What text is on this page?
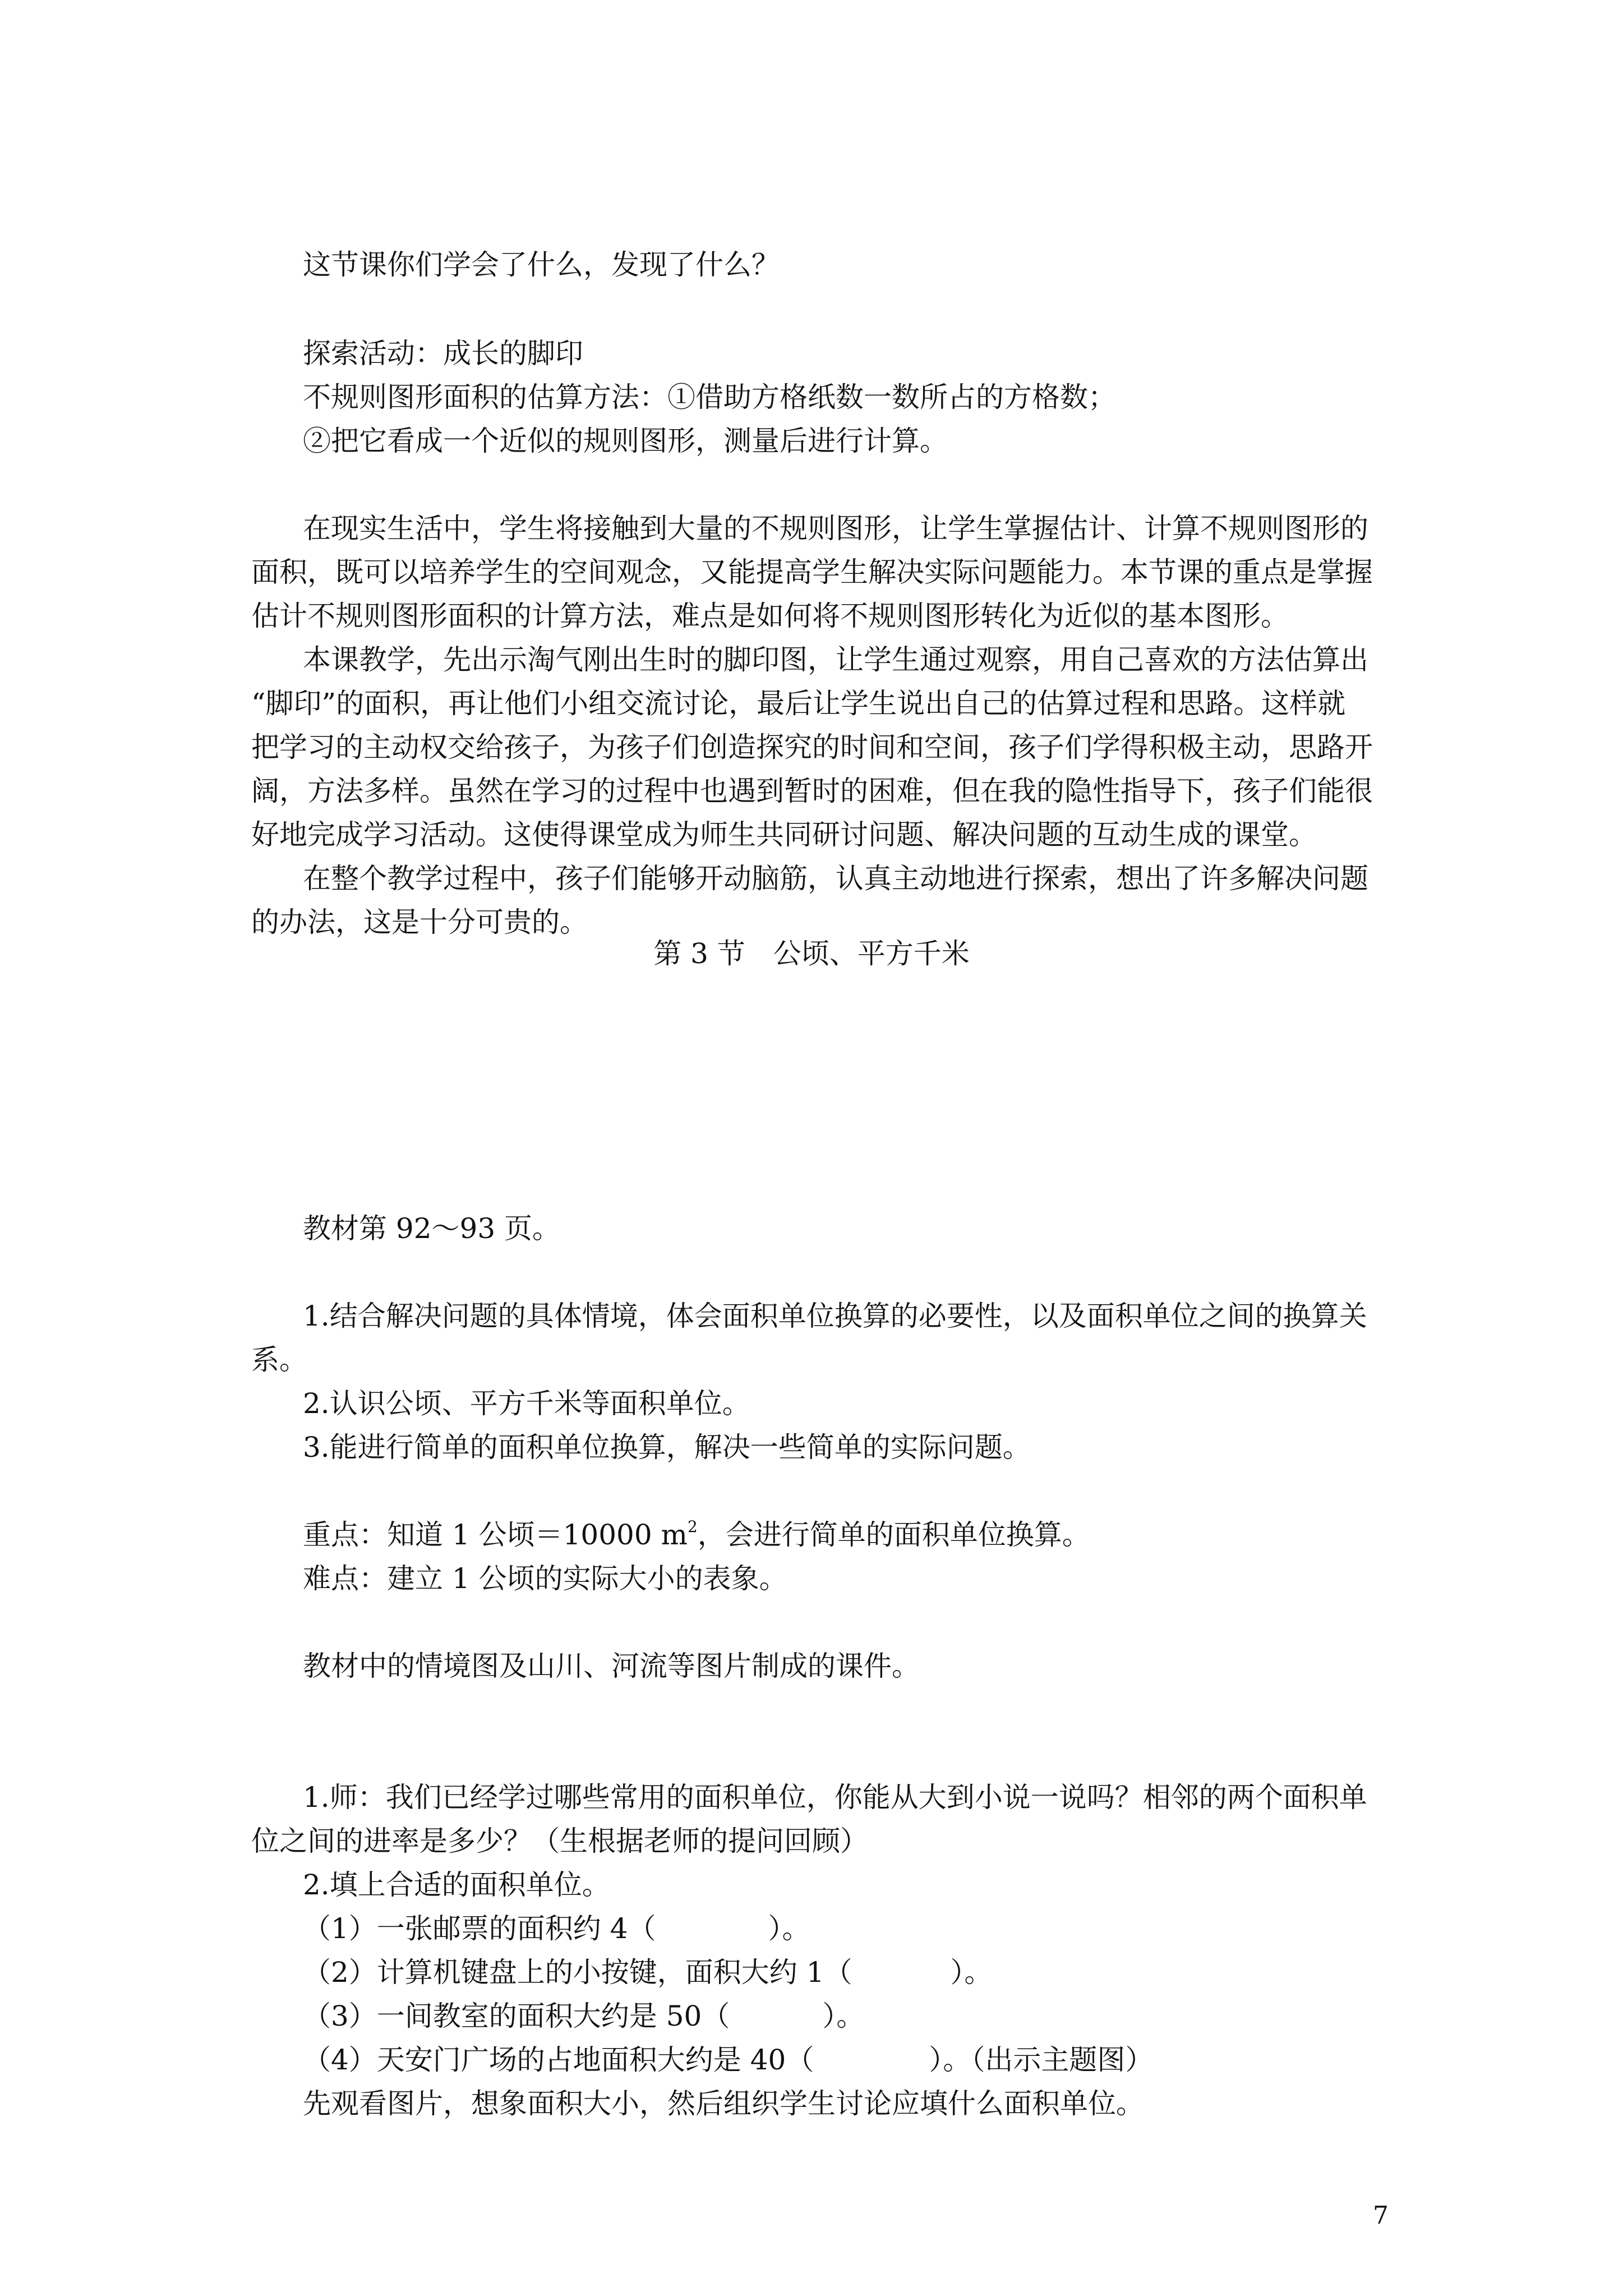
这节课你们学会了什么，发现了什么？

探索活动：成长的脚印

不规则图形面积的估算方法：①借助方格纸数一数所占的方格数；

②把它看成一个近似的规则图形，测量后进行计算。

在现实生活中，学生将接触到大量的不规则图形，让学生掌握估计、计算不规则图形的

面积，既可以培养学生的空间观念，又能提高学生解决实际问题能力。本节课的重点是掌握

估计不规则图形面积的计算方法，难点是如何将不规则图形转化为近似的基本图形。

本课教学，先出示淘气刚出生时的脚印图，让学生通过观察，用自己喜欢的方法估算出

“脚印”的面积，再让他们小组交流讨论，最后让学生说出自己的估算过程和思路。这样就

把学习的主动权交给孩子，为孩子们创造探究的时间和空间，孩子们学得积极主动，思路开

阔，方法多样。虽然在学习的过程中也遇到暂时的困难，但在我的隐性指导下，孩子们能很

好地完成学习活动。这使得课堂成为师生共同研讨问题、解决问题的互动生成的课堂。

在整个教学过程中，孩子们能够开动脑筋，认真主动地进行探索，想出了许多解决问题

的办法，这是十分可贵的。

第 3 节　公顷、平方千米

教材第 92～93 页。

1.结合解决问题的具体情境，体会面积单位换算的必要性，以及面积单位之间的换算关

系。

2.认识公顷、平方千米等面积单位。

3.能进行简单的面积单位换算，解决一些简单的实际问题。

重点：知道 1 公顷＝10000 $m^2$，会进行简单的面积单位换算。

难点：建立 1 公顷的实际大小的表象。

教材中的情境图及山川、河流等图片制成的课件。

1.师：我们已经学过哪些常用的面积单位，你能从大到小说一说吗？相邻的两个面积单

位之间的进率是多少？（生根据老师的提问回顾）

2.填上合适的面积单位。

（1）一张邮票的面积约 4（	）。

（2）计算机键盘上的小按键，面积大约 1（	）。

（3）一间教室的面积大约是 50（	）。

（4）天安门广场的占地面积大约是 40（	）。（出示主题图）

先观看图片，想象面积大小，然后组织学生讨论应填什么面积单位。

7
